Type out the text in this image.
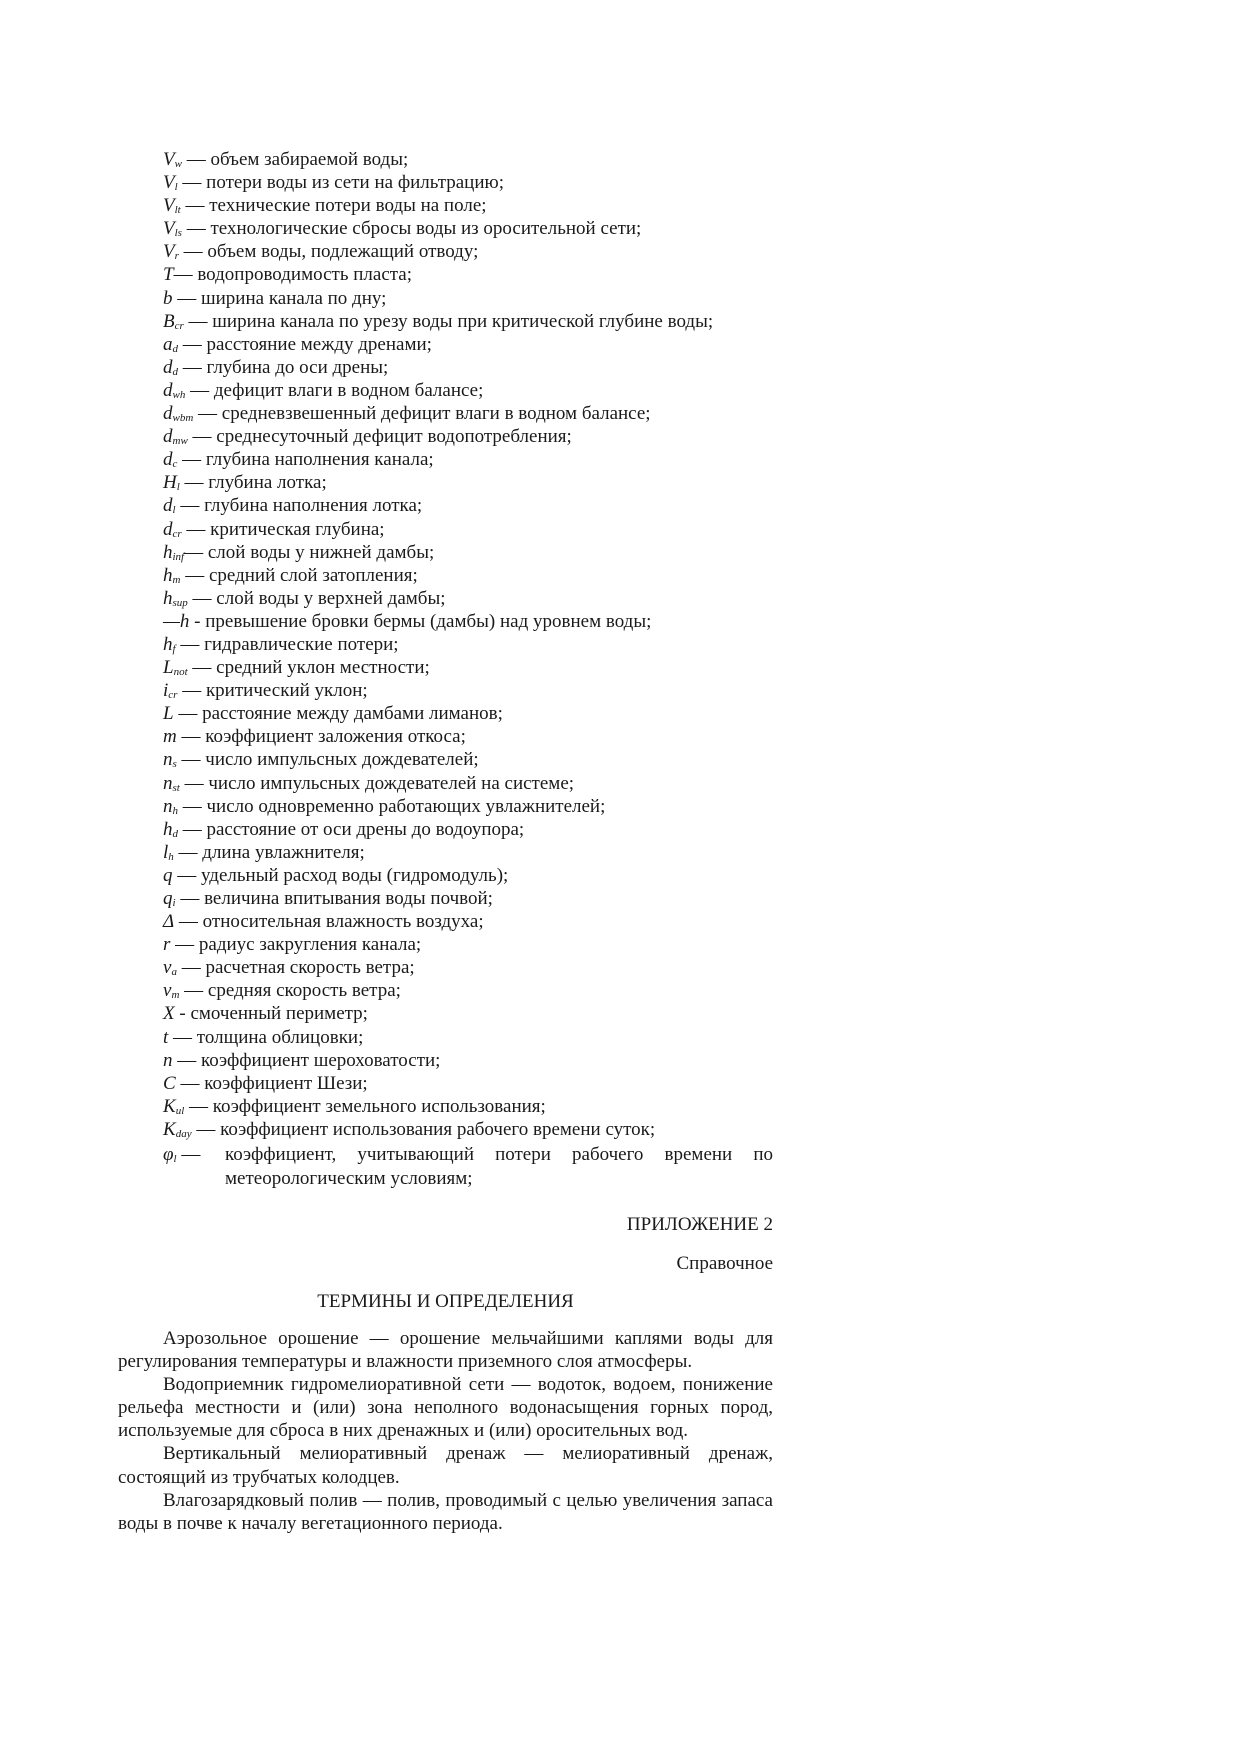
$V_w$ — объем забираемой воды;
$V_l$ — потери воды из сети на фильтрацию;
$V_{lt}$ — технические потери воды на поле;
$V_{ls}$ — технологические сбросы воды из оросительной сети;
$V_r$ — объем воды, подлежащий отводу;
T— водопроводимость пласта;
b — ширина канала по дну;
$B_{cr}$ — ширина канала по урезу воды при критической глубине воды;
$a_d$ — расстояние между дренами;
$d_d$ — глубина до оси дрены;
$d_{wh}$ — дефицит влаги в водном балансе;
$d_{wbm}$ — средневзвешенный дефицит влаги в водном балансе;
$d_{mw}$ — среднесуточный дефицит водопотребления;
$d_c$ — глубина наполнения канала;
$H_l$ — глубина лотка;
$d_l$ — глубина наполнения лотка;
$d_{cr}$ — критическая глубина;
$h_{inf}—$ слой воды у нижней дамбы;
$h_m$ — средний слой затопления;
$h_{sup}$ — слой воды у верхней дамбы;
—h - превышение бровки бермы (дамбы) над уровнем воды;
$h_f$ — гидравлические потери;
$L_{not}$ — средний уклон местности;
$i_{cr}$ — критический уклон;
L — расстояние между дамбами лиманов;
m — коэффициент заложения откоса;
$n_s$ — число импульсных дождевателей;
$n_{st}$ — число импульсных дождевателей на системе;
$n_h$ — число одновременно работающих увлажнителей;
$h_d$ — расстояние от оси дрены до водоупора;
$l_h$ — длина увлажнителя;
q — удельный расход воды (гидромодуль);
$q_i$ — величина впитывания воды почвой;
Δ — относительная влажность воздуха;
r — радиус закругления канала;
$v_a$ — расчетная скорость ветра;
$v_m$ — средняя скорость ветра;
X - смоченный периметр;
t — толщина облицовки;
n — коэффициент шероховатости;
C — коэффициент Шези;
$K_{ul}$ — коэффициент земельного использования;
$K_{day}$ — коэффициент использования рабочего времени суток;
$\varphi_l$ —	коэффициент, учитывающий потери рабочего времени по
метеорологическим условиям;
ПРИЛОЖЕНИЕ 2
Справочное
ТЕРМИНЫ И ОПРЕДЕЛЕНИЯ

Аэрозольное орошение — орошение мельчайшими каплями воды для регулирования температуры и влажности приземного слоя атмосферы.

Водоприемник гидромелиоративной сети — водоток, водоем, понижение рельефа местности и (или) зона неполного водонасыщения горных пород, используемые для сброса в них дренажных и (или) оросительных вод.

Вертикальный мелиоративный дренаж — мелиоративный дренаж, состоящий из трубчатых колодцев.

Влагозарядковый полив — полив, проводимый с целью увеличения запаса воды в почве к началу вегетационного периода.
